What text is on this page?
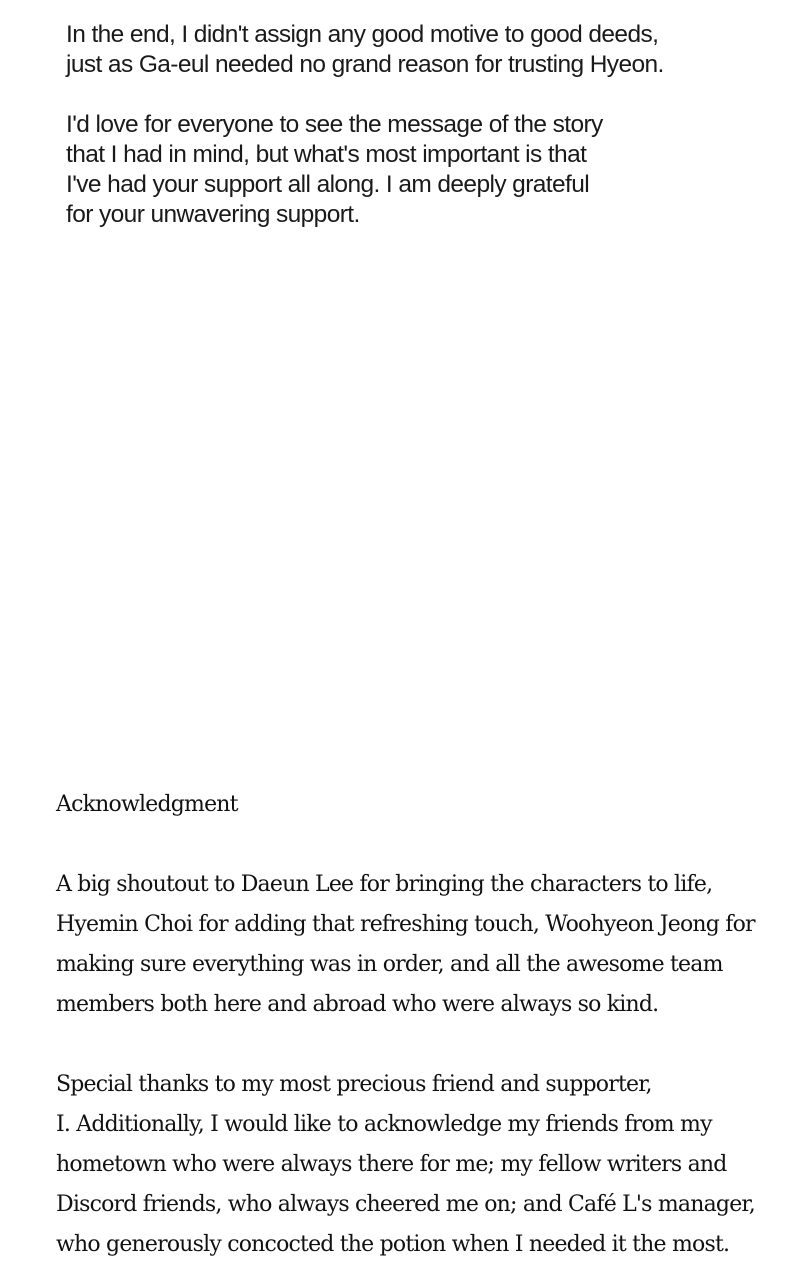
In the end, I didn't assign any good motive to good deeds,
just as Ga-eul needed no grand reason for trusting Hyeon.
I'd love for everyone to see the message of the story
that I had in mind, but what's most important is that
I've had your support all along. I am deeply grateful
for your unwavering support.
Acknowledgment
A big shoutout to Daeun Lee for bringing the characters to life,
Hyemin Choi for adding that refreshing touch, Woohyeon Jeong for
making sure everything was in order, and all the awesome team
members both here and abroad who were always so kind.
Special thanks to my most precious friend and supporter,
I. Additionally, I would like to acknowledge my friends from my
hometown who were always there for me; my fellow writers and
Discord friends, who always cheered me on; and Café L's manager,
who generously concocted the potion when I needed it the most.
